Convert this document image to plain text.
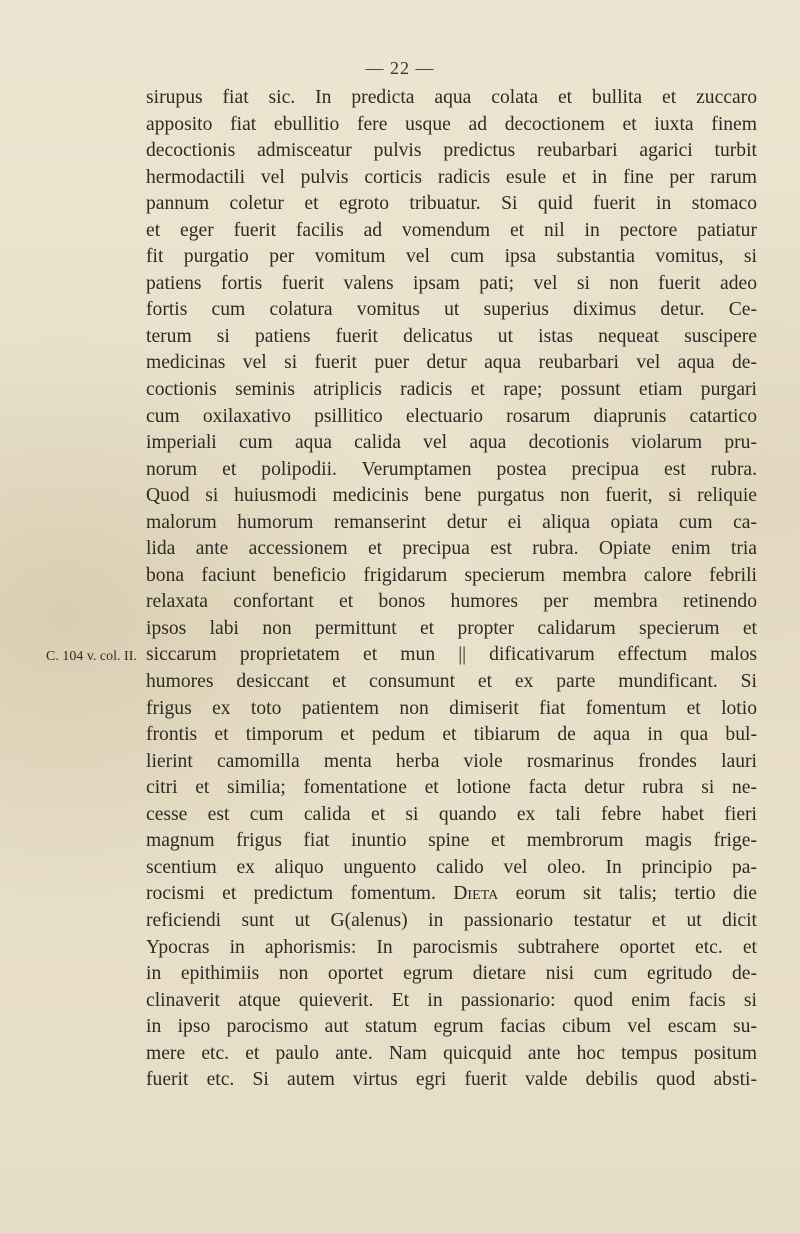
— 22 —
C. 104 v. col. II.
sirupus fiat sic. In predicta aqua colata et bullita et zuccaro
apposito fiat ebullitio fere usque ad decoctionem et iuxta finem
decoctionis admisceatur pulvis predictus reubarbari agarici turbit
hermodactili vel pulvis corticis radicis esule et in fine per rarum
pannum coletur et egroto tribuatur. Si quid fuerit in stomaco
et eger fuerit facilis ad vomendum et nil in pectore patiatur
fit purgatio per vomitum vel cum ipsa substantia vomitus, si
patiens fortis fuerit valens ipsam pati; vel si non fuerit adeo
fortis cum colatura vomitus ut superius diximus detur. Ce-
terum si patiens fuerit delicatus ut istas nequeat suscipere
medicinas vel si fuerit puer detur aqua reubarbari vel aqua de-
coctionis seminis atriplicis radicis et rape; possunt etiam purgari
cum oxilaxativo psillitico electuario rosarum diaprunis catartico
imperiali cum aqua calida vel aqua decotionis violarum pru-
norum et polipodii. Verumptamen postea precipua est rubra.
Quod si huiusmodi medicinis bene purgatus non fuerit, si reliquie
malorum humorum remanserint detur ei aliqua opiata cum ca-
lida ante accessionem et precipua est rubra. Opiate enim tria
bona faciunt beneficio frigidarum specierum membra calore febrili
relaxata confortant et bonos humores per membra retinendo
ipsos labi non permittunt et propter calidarum specierum et
siccarum proprietatem et mun || dificativarum effectum malos
humores desiccant et consumunt et ex parte mundificant. Si
frigus ex toto patientem non dimiserit fiat fomentum et lotio
frontis et timporum et pedum et tibiarum de aqua in qua bul-
lierint camomilla menta herba viole rosmarinus frondes lauri
citri et similia; fomentatione et lotione facta detur rubra si ne-
cesse est cum calida et si quando ex tali febre habet fieri
magnum frigus fiat inuntio spine et membrorum magis frige-
scentium ex aliquo unguento calido vel oleo. In principio pa-
rocismi et predictum fomentum. Dieta eorum sit talis; tertio die
reficiendi sunt ut G(alenus) in passionario testatur et ut dicit
Ypocras in aphorismis: In parocismis subtrahere oportet etc. et
in epithimiis non oportet egrum dietare nisi cum egritudo de-
clinaverit atque quieverit. Et in passionario: quod enim facis si
in ipso parocismo aut statum egrum facias cibum vel escam su-
mere etc. et paulo ante. Nam quicquid ante hoc tempus positum
fuerit etc. Si autem virtus egri fuerit valde debilis quod absti-
